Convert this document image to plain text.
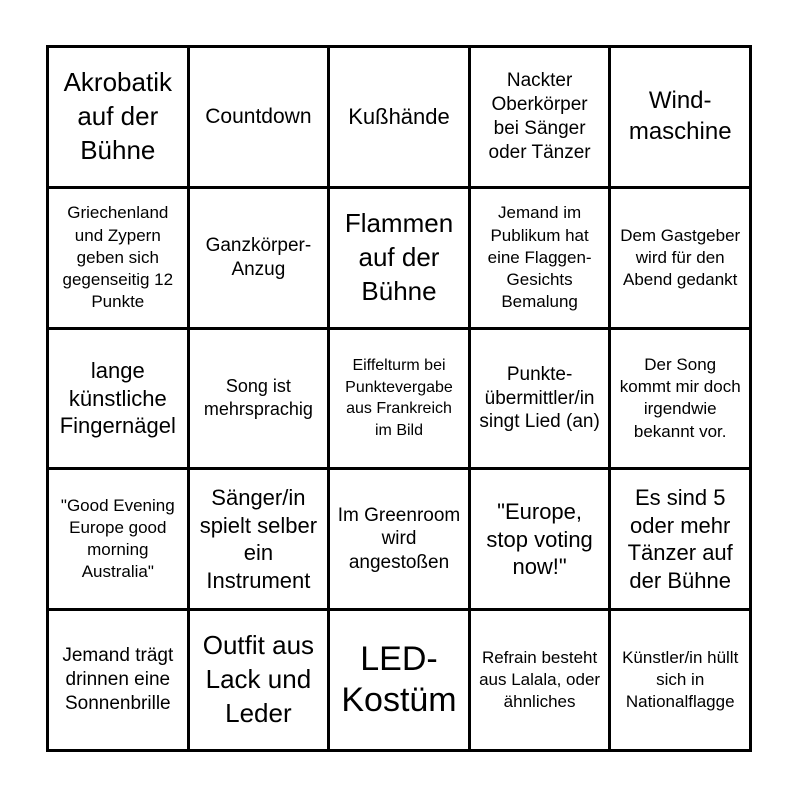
Akrobatik auf der Bühne
Countdown Kußhände
Nackter Oberkörper bei Sänger oder Tänzer
Wind-
maschine
Griechenland und Zypern geben sich gegenseitig 12 Punkte
Ganzkörper-
Anzug
Flammen auf der Bühne
Jemand im Publikum hat eine Flaggen-
Gesichts Bemalung
Dem Gastgeber wird für den Abend gedankt
lange künstliche Fingernägel
Song ist mehrsprachig
Eiffelturm bei Punktevergabe aus Frankreich im Bild
Punkte-
übermittler/in singt Lied (an)
Der Song kommt mir doch irgendwie bekannt vor.
"Good Evening Europe good morning Australia"
Sänger/in spielt selber ein Instrument
Im Greenroom wird angestoßen
"Europe, stop voting now!"
Es sind 5 oder mehr Tänzer auf der Bühne
Jemand trägt drinnen eine Sonnenbrille
Outfit aus Lack und Leder
LED-
Kostüm
Refrain besteht aus Lalala, oder ähnliches
Künstler/in hüllt sich in Nationalflagge
